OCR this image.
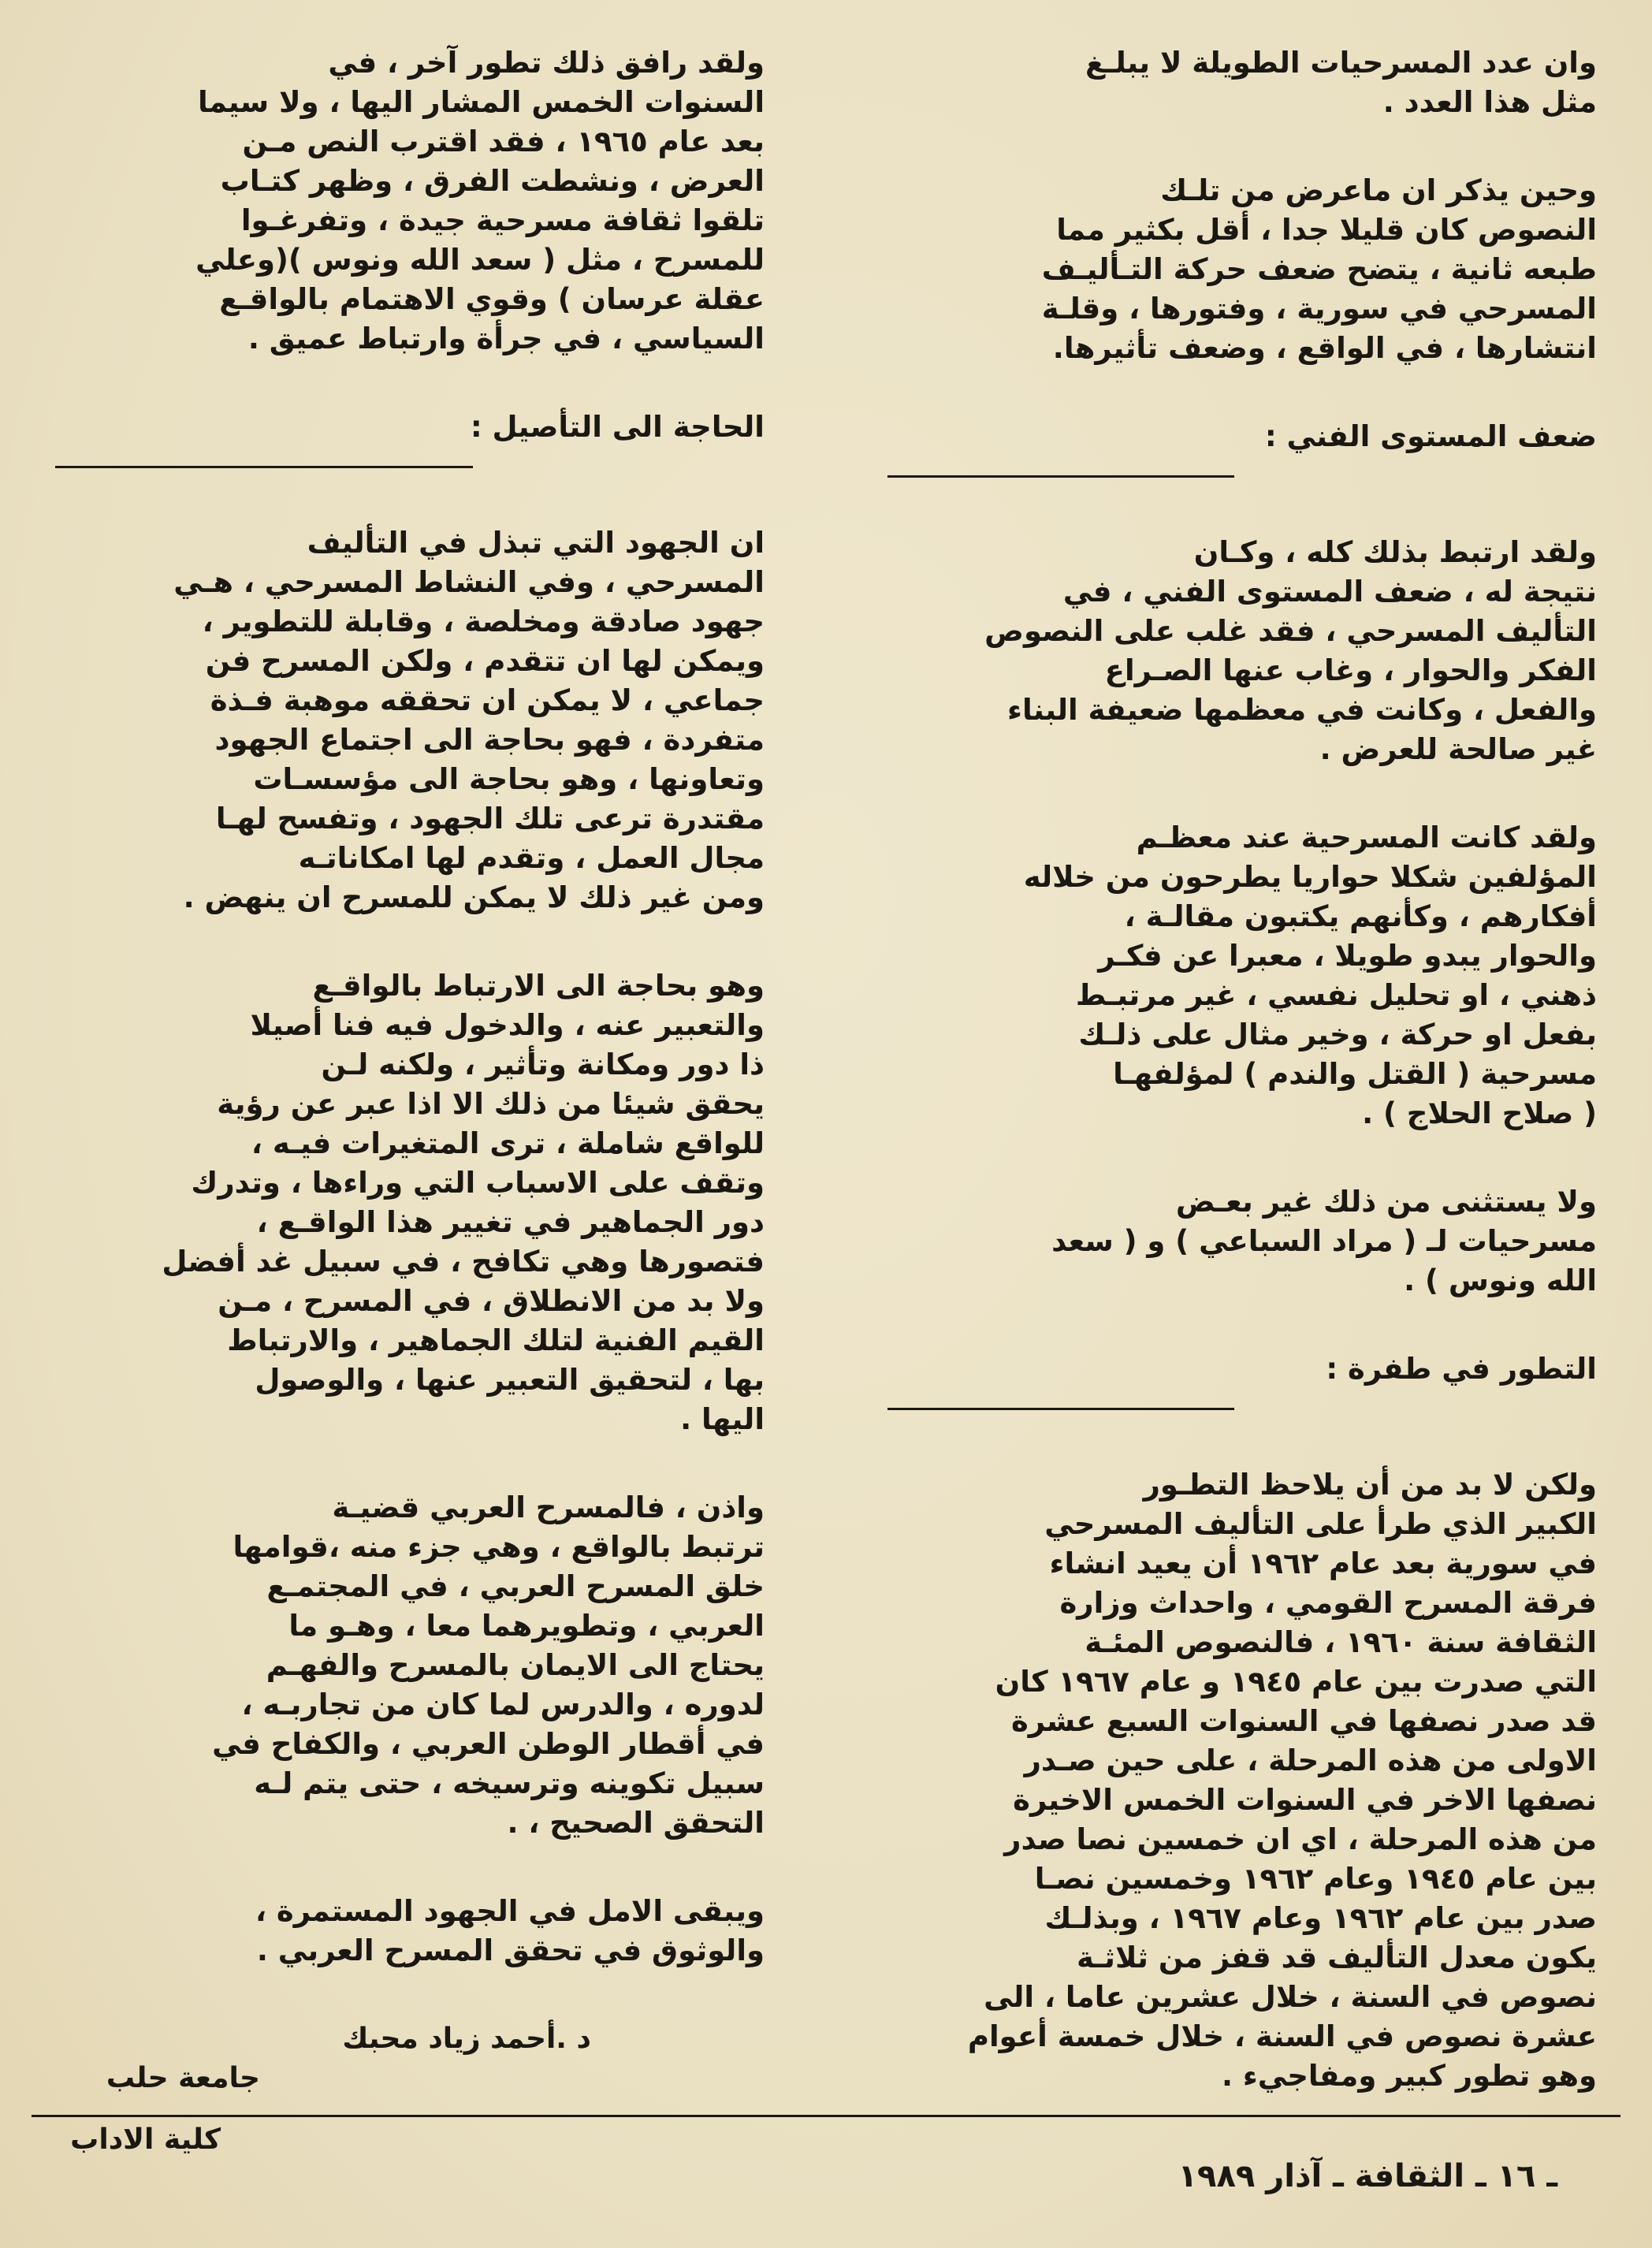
وان عدد المسرحيات الطويلة لا يبلـغ
مثل هذا العدد .

وحين يذكر ان ماعرض من تلـك
النصوص كان قليلا جدا ، أقل بكثير مما
طبعه ثانية ، يتضح ضعف حركة التـأليـف
المسرحي في سورية ، وفتورها ، وقلـة
انتشارها ، في الواقع ، وضعف تأثيرها.

ضعف المستوى الفني :

ولقد ارتبط بذلك كله ، وكـان
نتيجة له ، ضعف المستوى الفني ، في
التأليف المسرحي ، فقد غلب على النصوص
الفكر والحوار ، وغاب عنها الصـراع
والفعل ، وكانت في معظمها ضعيفة البناء
غير صالحة للعرض .

ولقد كانت المسرحية عند معظـم
المؤلفين شكلا حواريا يطرحون من خلاله
أفكارهم ، وكأنهم يكتبون مقالـة ،
والحوار يبدو طويلا ، معبرا عن فكـر
ذهني ، او تحليل نفسي ، غير مرتبـط
بفعل او حركة ، وخير مثال على ذلـك
مسرحية ( القتل والندم ) لمؤلفهـا
( صلاح الحلاج ) .

ولا يستثنى من ذلك غير بعـض
مسرحيات لـ ( مراد السباعي ) و ( سعد
الله ونوس ) .

التطور في طفرة :

ولكن لا بد من أن يلاحظ التطـور
الكبير الذي طرأ على التأليف المسرحي
في سورية بعد عام ١٩٦٢ أن يعيد انشاء
فرقة المسرح القومي ، واحداث وزارة
الثقافة سنة ١٩٦٠ ، فالنصوص المئـة
التي صدرت بين عام ١٩٤٥ و عام ١٩٦٧ كان
قد صدر نصفها في السنوات السبع عشرة
الاولى من هذه المرحلة ، على حين صـدر
نصفها الاخر في السنوات الخمس الاخيرة
من هذه المرحلة ، اي ان خمسين نصا صدر
بين عام ١٩٤٥ وعام ١٩٦٢ وخمسين نصـا
صدر بين عام ١٩٦٢ وعام ١٩٦٧ ، وبذلـك
يكون معدل التأليف قد قفز من ثلاثـة
نصوص في السنة ، خلال عشرين عاما ، الى
عشرة نصوص في السنة ، خلال خمسة أعوام
وهو تطور كبير ومفاجيء .

ولقد رافق ذلك تطور آخر ، في
السنوات الخمس المشار اليها ، ولا سيما
بعد عام ١٩٦٥ ، فقد اقترب النص مـن
العرض ، ونشطت الفرق ، وظهر كتـاب
تلقوا ثقافة مسرحية جيدة ، وتفرغـوا
للمسرح ، مثل ( سعد الله ونوس )(وعلي
عقلة عرسان ) وقوي الاهتمام بالواقـع
السياسي ، في جرأة وارتباط عميق .

الحاجة الى التأصيل :

ان الجهود التي تبذل في التأليف
المسرحي ، وفي النشاط المسرحي ، هـي
جهود صادقة ومخلصة ، وقابلة للتطوير ،
ويمكن لها ان تتقدم ، ولكن المسرح فن
جماعي ، لا يمكن ان تحققه موهبة فـذة
متفردة ، فهو بحاجة الى اجتماع الجهود
وتعاونها ، وهو بحاجة الى مؤسسـات
مقتدرة ترعى تلك الجهود ، وتفسح لهـا
مجال العمل ، وتقدم لها امكاناتـه
ومن غير ذلك لا يمكن للمسرح ان ينهض .

وهو بحاجة الى الارتباط بالواقـع
والتعبير عنه ، والدخول فيه فنا أصيلا
ذا دور ومكانة وتأثير ، ولكنه لـن
يحقق شيئا من ذلك الا اذا عبر عن رؤية
للواقع شاملة ، ترى المتغيرات فيـه ،
وتقف على الاسباب التي وراءها ، وتدرك
دور الجماهير في تغيير هذا الواقـع ،
فتصورها وهي تكافح ، في سبيل غد أفضل
ولا بد من الانطلاق ، في المسرح ، مـن
القيم الفنية لتلك الجماهير ، والارتباط
بها ، لتحقيق التعبير عنها ، والوصول
اليها .

واذن ، فالمسرح العربي قضيـة
ترتبط بالواقع ، وهي جزء منه ،قوامها
خلق المسرح العربي ، في المجتمـع
العربي ، وتطويرهما معا ، وهـو ما
يحتاج الى الايمان بالمسرح والفهـم
لدوره ، والدرس لما كان من تجاربـه ،
في أقطار الوطن العربي ، والكفاح في
سبيل تكوينه وترسيخه ، حتى يتم لـه
التحقق الصحيح ، .

ويبقى الامل في الجهود المستمرة ،
والوثوق في تحقق المسرح العربي .

د .أحمد زياد محبك

جامعة حلب

كلية الاداب

ـ ١٦ ـ الثقافة ـ آذار ١٩٨٩
